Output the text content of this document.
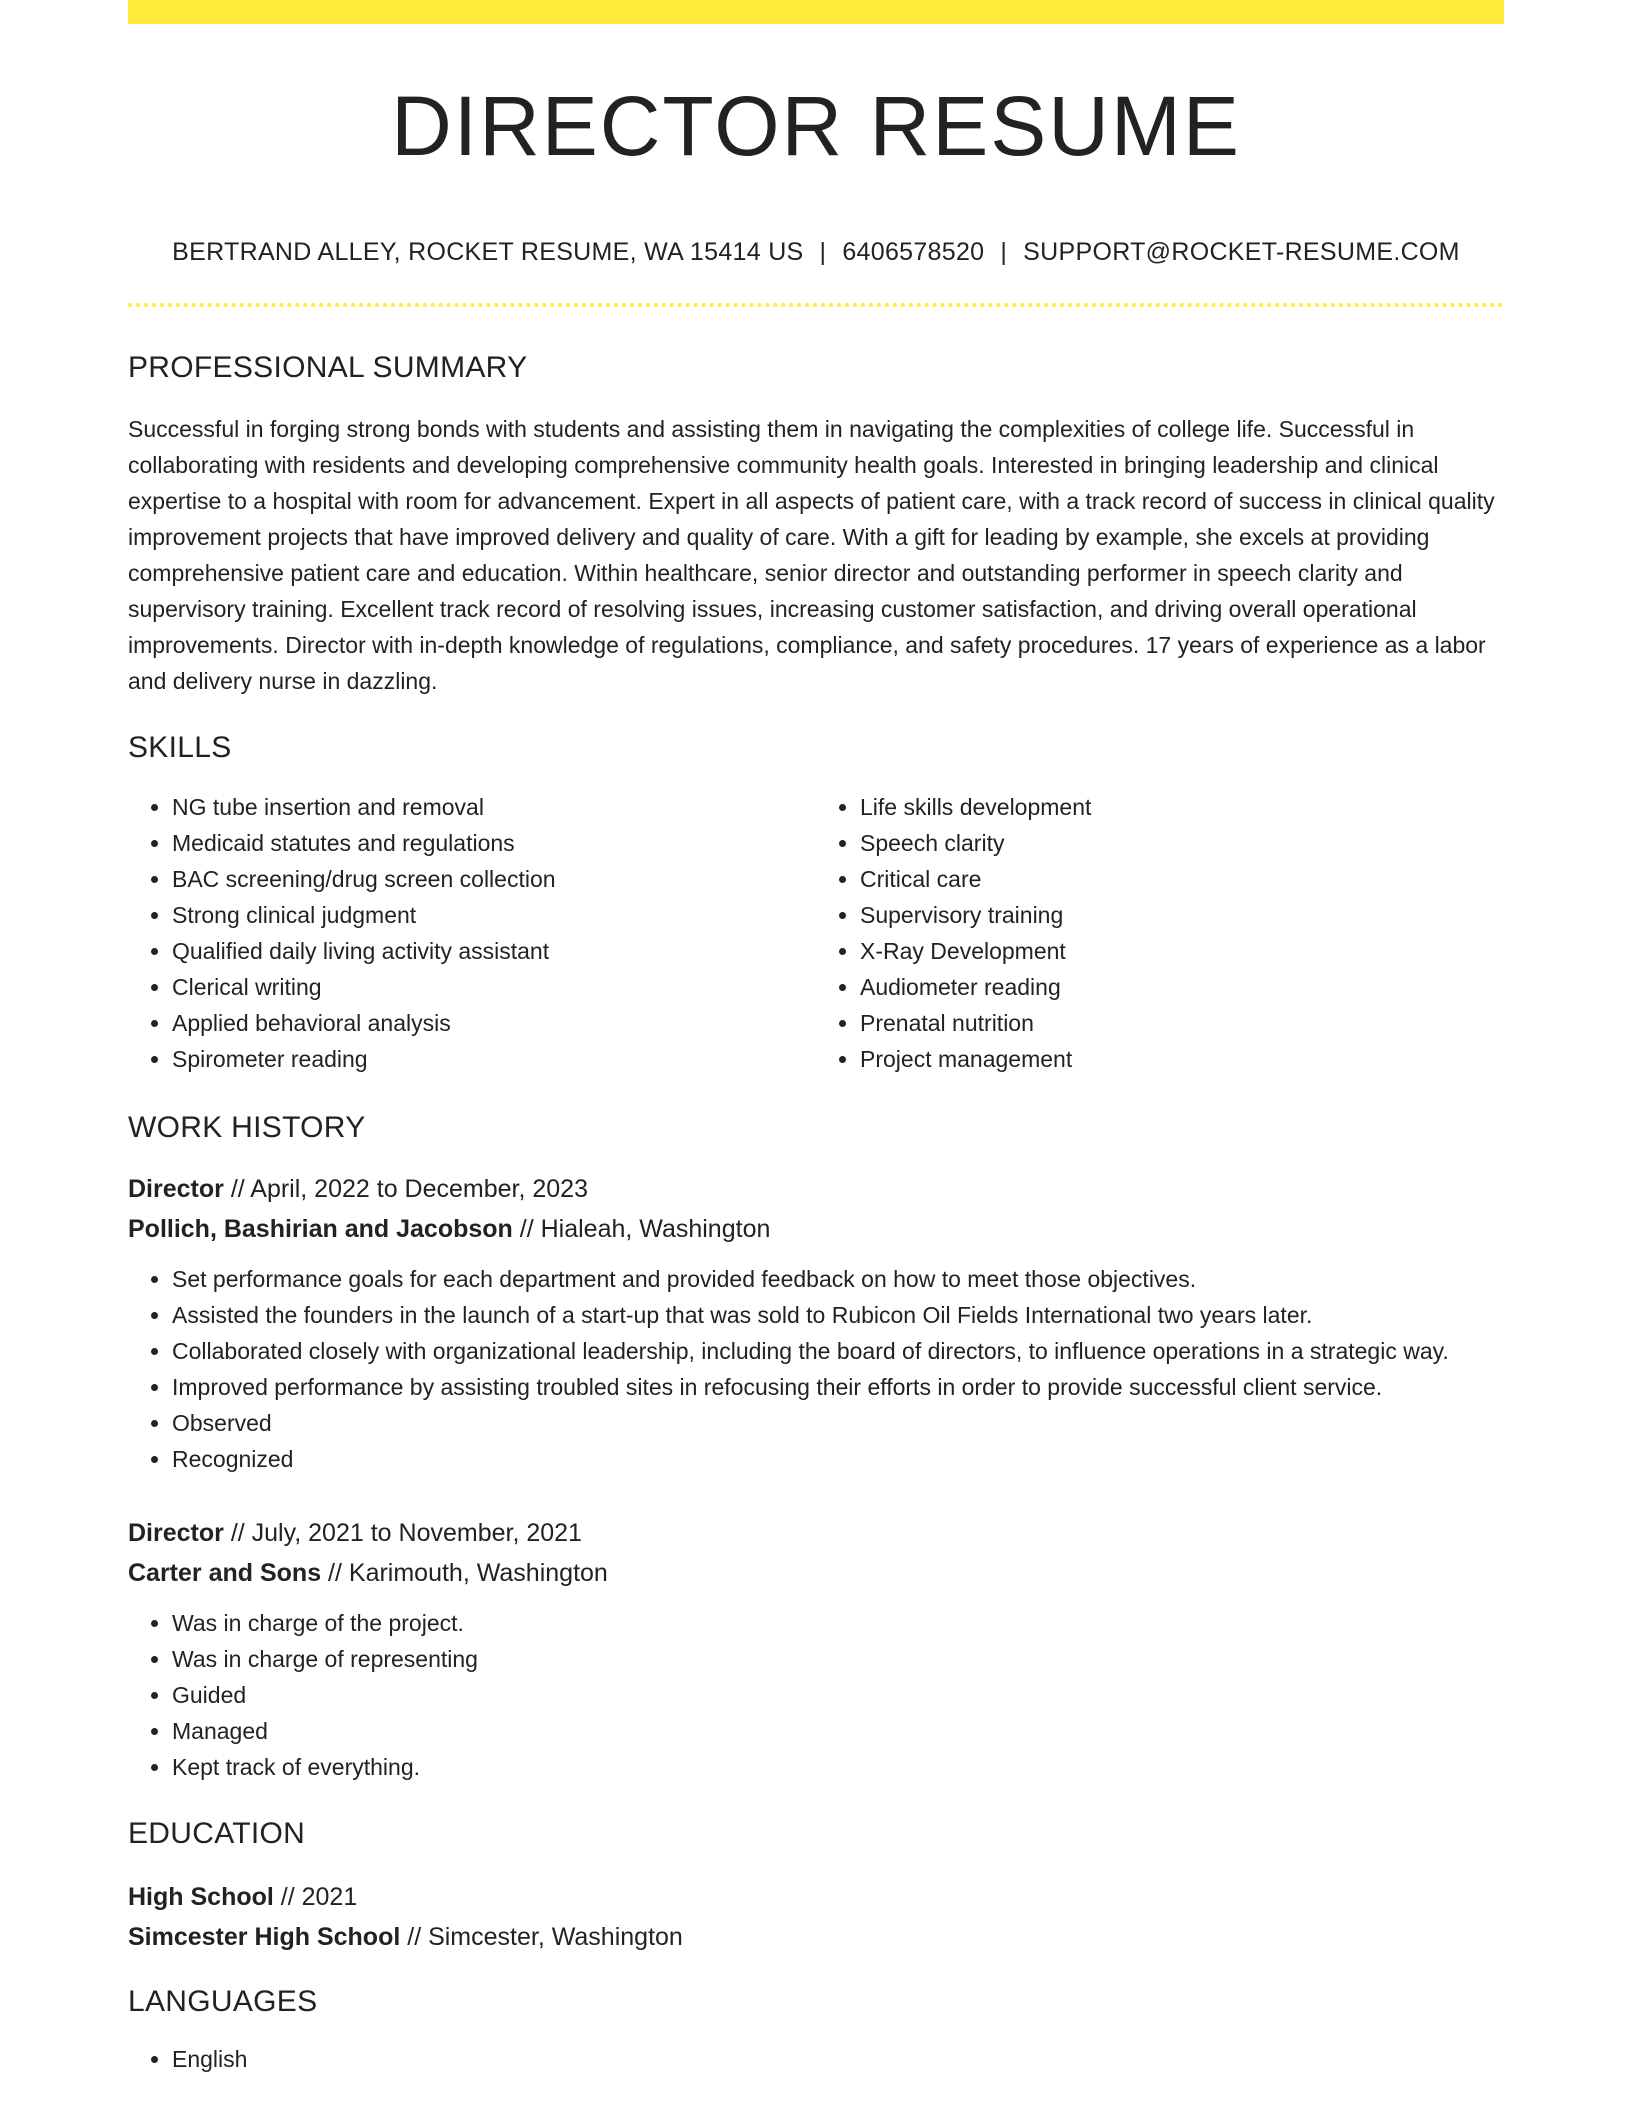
DIRECTOR RESUME
BERTRAND ALLEY, ROCKET RESUME, WA 15414 US | 6406578520 | SUPPORT@ROCKET-RESUME.COM
PROFESSIONAL SUMMARY

Successful in forging strong bonds with students and assisting them in navigating the complexities of college life. Successful in collaborating with residents and developing comprehensive community health goals. Interested in bringing leadership and clinical expertise to a hospital with room for advancement. Expert in all aspects of patient care, with a track record of success in clinical quality improvement projects that have improved delivery and quality of care. With a gift for leading by example, she excels at providing comprehensive patient care and education. Within healthcare, senior director and outstanding performer in speech clarity and supervisory training. Excellent track record of resolving issues, increasing customer satisfaction, and driving overall operational improvements. Director with in-depth knowledge of regulations, compliance, and safety procedures. 17 years of experience as a labor and delivery nurse in dazzling.

SKILLS
• NG tube insertion and removal
• Medicaid statutes and regulations
• BAC screening/drug screen collection
• Strong clinical judgment
• Qualified daily living activity assistant
• Clerical writing
• Applied behavioral analysis
• Spirometer reading
• Life skills development
• Speech clarity
• Critical care
• Supervisory training
• X-Ray Development
• Audiometer reading
• Prenatal nutrition
• Project management
WORK HISTORY
Director // April, 2022 to December, 2023
Pollich, Bashirian and Jacobson // Hialeah, Washington
• Set performance goals for each department and provided feedback on how to meet those objectives.
• Assisted the founders in the launch of a start-up that was sold to Rubicon Oil Fields International two years later.
• Collaborated closely with organizational leadership, including the board of directors, to influence operations in a strategic way.
• Improved performance by assisting troubled sites in refocusing their efforts in order to provide successful client service.
• Observed
• Recognized
Director // July, 2021 to November, 2021
Carter and Sons // Karimouth, Washington
• Was in charge of the project.
• Was in charge of representing
• Guided
• Managed
• Kept track of everything.
EDUCATION
High School // 2021
Simcester High School // Simcester, Washington
LANGUAGES
• English
